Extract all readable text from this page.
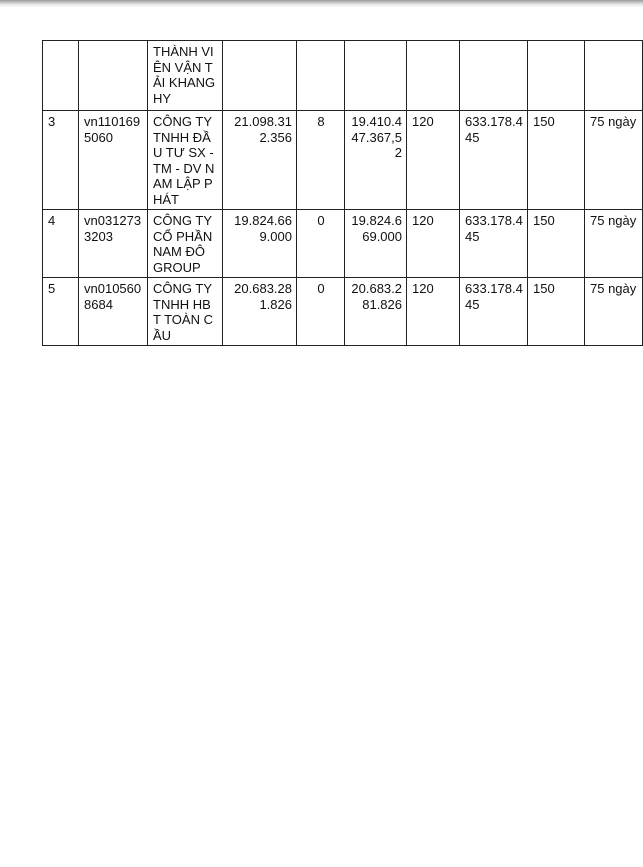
		THÀNH VIÊN VẬN TẢI KHANG HY							
3	vn1101695060	CÔNG TY TNHH ĐẦU TƯ SX - TM - DV NAM LẬP PHÁT	21.098.312.356	8	19.410.447.367,52	120	633.178.445	150	75 ngày
4	vn0312733203	CÔNG TY CỔ PHẦN NAM ĐÔ GROUP	19.824.669.000	0	19.824.669.000	120	633.178.445	150	75 ngày
5	vn0105608684	CÔNG TY TNHH HBT TOÀN CẦU	20.683.281.826	0	20.683.281.826	120	633.178.445	150	75 ngày
